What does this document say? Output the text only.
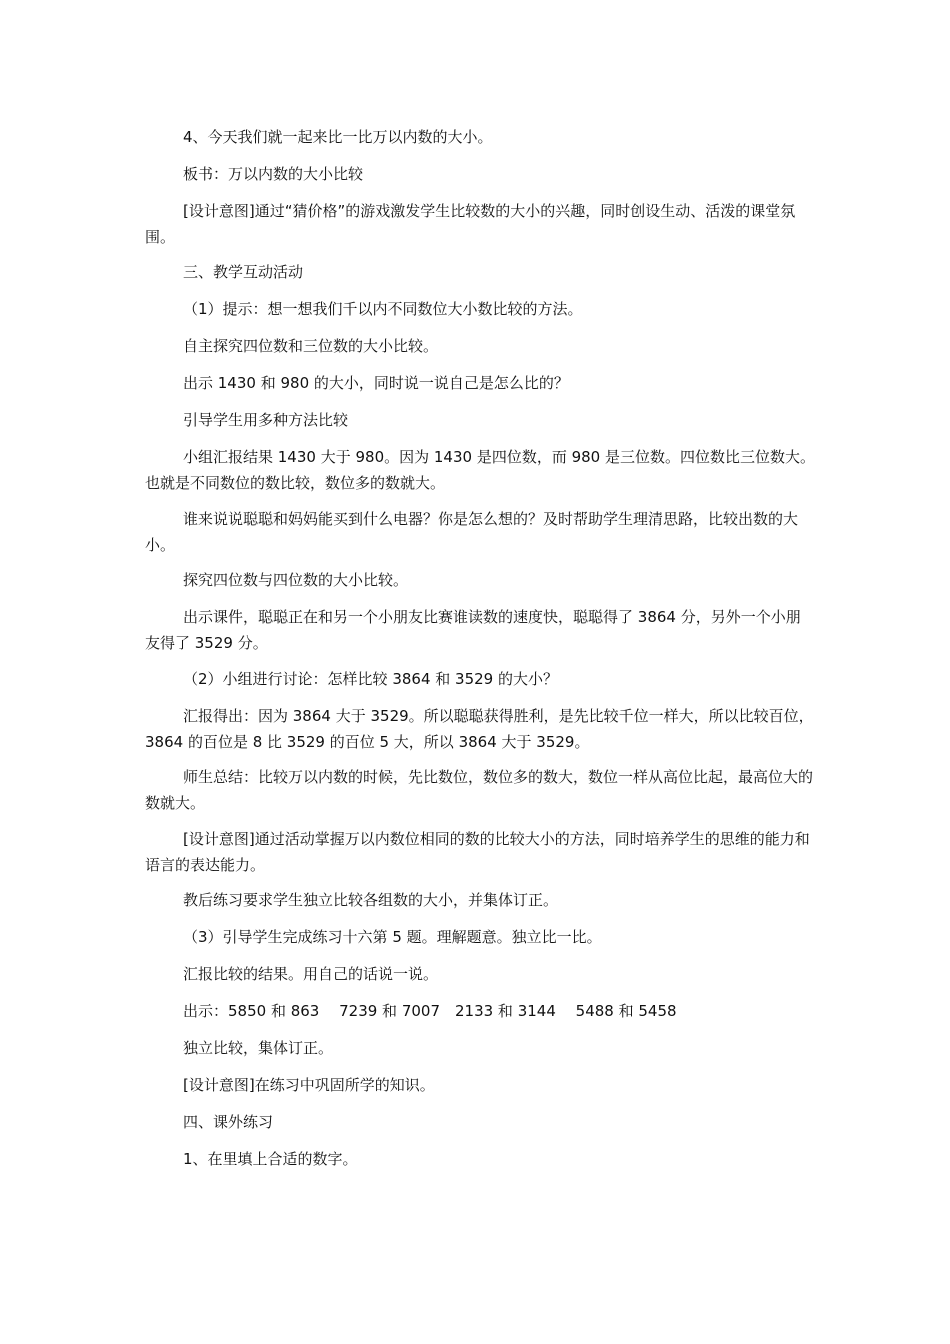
4、今天我们就一起来比一比万以内数的大小。

板书：万以内数的大小比较

[设计意图]通过“猜价格”的游戏激发学生比较数的大小的兴趣，同时创设生动、活泼的课堂氛围。

三、教学互动活动

（1）提示：想一想我们千以内不同数位大小数比较的方法。

自主探究四位数和三位数的大小比较。

出示 1430 和 980 的大小，同时说一说自己是怎么比的？

引导学生用多种方法比较

小组汇报结果 1430 大于 980。因为 1430 是四位数，而 980 是三位数。四位数比三位数大。也就是不同数位的数比较，数位多的数就大。

谁来说说聪聪和妈妈能买到什么电器？你是怎么想的？及时帮助学生理清思路，比较出数的大小。

探究四位数与四位数的大小比较。

出示课件，聪聪正在和另一个小朋友比赛谁读数的速度快，聪聪得了 3864 分，另外一个小朋友得了 3529 分。

（2）小组进行讨论：怎样比较 3864 和 3529 的大小？

汇报得出：因为 3864 大于 3529。所以聪聪获得胜利，是先比较千位一样大，所以比较百位，3864 的百位是 8 比 3529 的百位 5 大，所以 3864 大于 3529。

师生总结：比较万以内数的时候，先比数位，数位多的数大，数位一样从高位比起，最高位大的数就大。

[设计意图]通过活动掌握万以内数位相同的数的比较大小的方法，同时培养学生的思维的能力和语言的表达能力。

教后练习要求学生独立比较各组数的大小，并集体订正。

（3）引导学生完成练习十六第 5 题。理解题意。独立比一比。

汇报比较的结果。用自己的话说一说。

出示：5850 和 863　 7239 和 7007　2133 和 3144　 5488 和 5458

独立比较，集体订正。

[设计意图]在练习中巩固所学的知识。

四、课外练习

1、在里填上合适的数字。
